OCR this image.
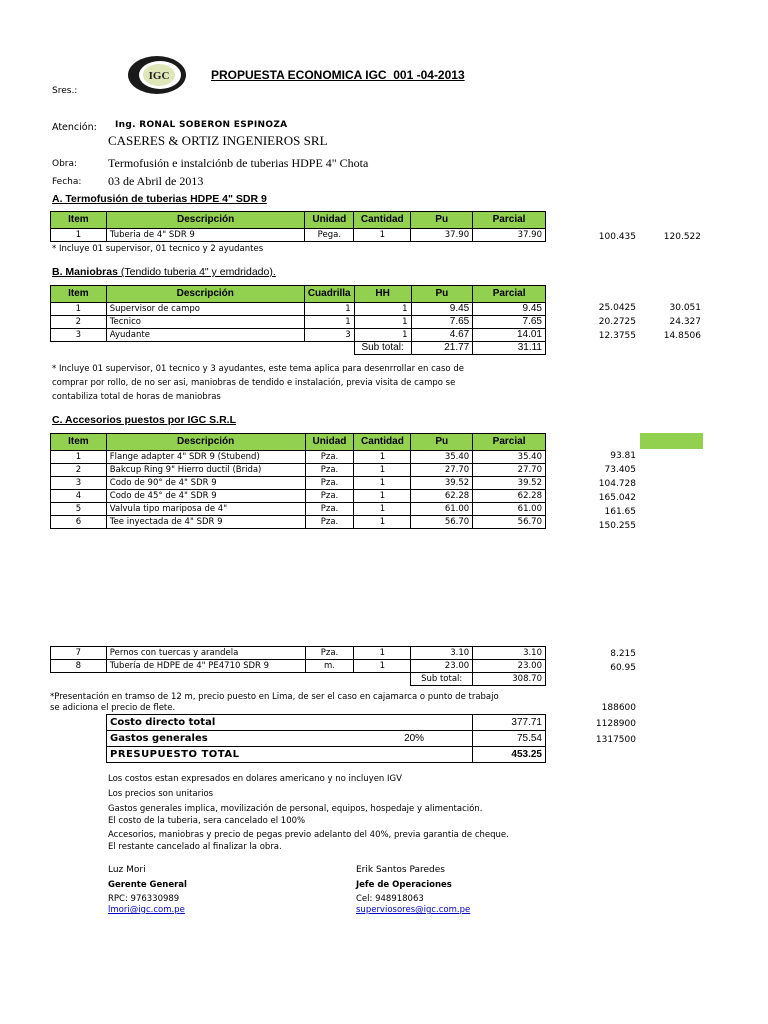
IGC	PROPUESTA ECONOMICA IGC_001 -04-2013
Sres.:
Atención: Ing. RONAL SOBERON ESPINOZA
CASERES & ORTIZ INGENIEROS SRL
Obra:	Termofusión e instalciónb de tuberias HDPE 4" Chota
Fecha: 03 de Abril de 2013
A. Termofusión de tuberias HDPE 4" SDR 9
Item	Descripción	Unidad	Cantidad	Pu	Parcial
1	Tuberia de 4" SDR 9	Pega.	1	37.90	37.90	100.435	120.522
* Incluye 01 supervisor, 01 tecnico y 2 ayudantes
B. Maniobras (Tendido tuberia 4" y emdridado).
Item	Descripción	Cuadrilla	HH	Pu	Parcial
1	Supervisor de campo	1	1	9.45	9.45
2	Tecnico	1	1	7.65	7.65
3	Ayudante	3	1	4.67	14.01
			Sub total:	21.77	31.11
25.0425	30.051
20.2725	24.327
12.3755	14.8506
* Incluye 01 supervisor, 01 tecnico y 3 ayudantes, este tema aplica para desenrrollar en caso de
comprar por rollo, de no ser asi, maniobras de tendido e instalación, previa visita de campo se
contabiliza total de horas de maniobras
C. Accesorios puestos por IGC S.R.L
Item	Descripción	Unidad	Cantidad	Pu	Parcial
1	Flange adapter 4" SDR 9 (Stubend)	Pza.	1	35.40	35.40
2	Bakcup Ring 9" Hierro ductil (Brida)	Pza.	1	27.70	27.70
3	Codo de 90° de 4" SDR 9	Pza.	1	39.52	39.52
4	Codo de 45° de 4" SDR 9	Pza.	1	62.28	62.28
5	Valvula tipo mariposa de 4"	Pza.	1	61.00	61.00
6	Tee inyectada de 4" SDR 9	Pza.	1	56.70	56.70
93.81
73.405
104.728
165.042
161.65
150.255
7	Pernos con tuercas y arandela	Pza.	1	3.10	3.10
8	Tubería de HDPE de 4" PE4710 SDR 9	m.	1	23.00	23.00
				Sub total:	308.70
8.215
60.95
*Presentación en tramso de 12 m, precio puesto en Lima, de ser el caso en cajamarca o punto de trabajo
se adiciona el precio de flete.
Costo directo total		377.71
Gastos generales	20%	75.54
PRESUPUESTO TOTAL		453.25
188600
1128900
1317500
Los costos estan expresados en dolares americano y no incluyen IGV
Los precios son unitarios
Gastos generales implica, movilización de personal, equipos, hospedaje y alimentación.
El costo de la tuberia, sera cancelado el 100%
Accesorios, maniobras y precio de pegas previo adelanto del 40%, previa garantia de cheque.
El restante cancelado al finalizar la obra.
Luz Mori
Gerente General
RPC: 976330989
lmori@igc.com.pe
Erik Santos Paredes
Jefe de Operaciones
Cel: 948918063
superviosores@igc.com.pe
